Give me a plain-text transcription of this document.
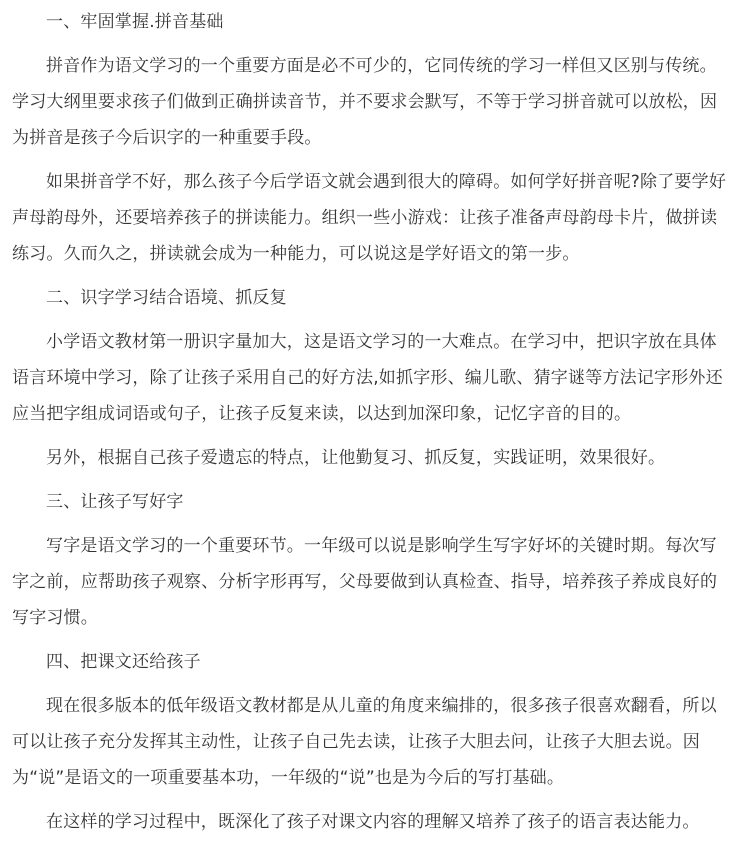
一、牢固掌握.拼音基础

拼音作为语文学习的一个重要方面是必不可少的，它同传统的学习一样但又区别与传统。学习大纲里要求孩子们做到正确拼读音节，并不要求会默写，不等于学习拼音就可以放松，因为拼音是孩子今后识字的一种重要手段。

如果拼音学不好，那么孩子今后学语文就会遇到很大的障碍。如何学好拼音呢?除了要学好声母韵母外，还要培养孩子的拼读能力。组织一些小游戏：让孩子准备声母韵母卡片，做拼读练习。久而久之，拼读就会成为一种能力，可以说这是学好语文的第一步。

二、识字学习结合语境、抓反复

小学语文教材第一册识字量加大，这是语文学习的一大难点。在学习中，把识字放在具体语言环境中学习，除了让孩子采用自己的好方法,如抓字形、编儿歌、猜字谜等方法记字形外还应当把字组成词语或句子，让孩子反复来读，以达到加深印象，记忆字音的目的。

另外，根据自己孩子爱遗忘的特点，让他勤复习、抓反复，实践证明，效果很好。

三、让孩子写好字

写字是语文学习的一个重要环节。一年级可以说是影响学生写字好坏的关键时期。每次写字之前，应帮助孩子观察、分析字形再写，父母要做到认真检查、指导，培养孩子养成良好的写字习惯。

四、把课文还给孩子

现在很多版本的低年级语文教材都是从儿童的角度来编排的，很多孩子很喜欢翻看，所以可以让孩子充分发挥其主动性，让孩子自己先去读，让孩子大胆去问，让孩子大胆去说。因为“说”是语文的一项重要基本功，一年级的“说”也是为今后的写打基础。

在这样的学习过程中，既深化了孩子对课文内容的理解又培养了孩子的语言表达能力。
